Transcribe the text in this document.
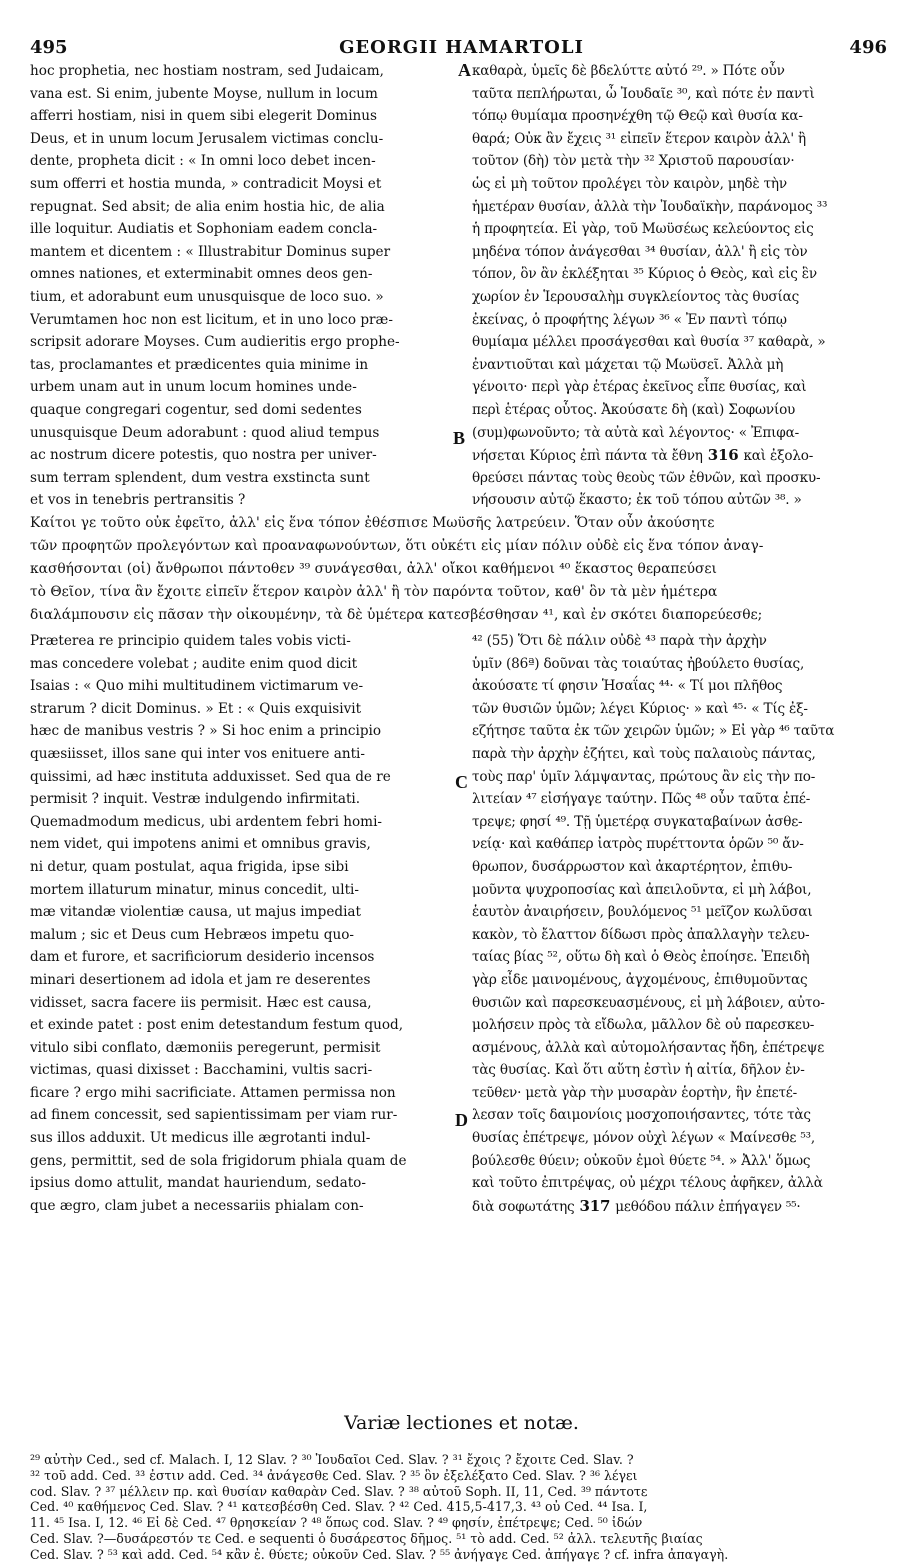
495	GEORGII HAMARTOLI	496
hoc prophetia, nec hostiam nostram, sed Judaicam,
vana est. Si enim, jubente Moyse, nullum in locum
afferri hostiam, nisi in quem sibi elegerit Dominus
Deus, et in unum locum Jerusalem victimas conclu-
dente, propheta dicit : « In omni loco debet incen-
sum offerri et hostia munda, » contradicit Moysi et
repugnat. Sed absit; de alia enim hostia hic, de alia
ille loquitur. Audiatis et Sophoniam eadem concla-
mantem et dicentem : « Illustrabitur Dominus super
omnes nationes, et exterminabit omnes deos gen-
tium, et adorabunt eum unusquisque de loco suo. »
Verumtamen hoc non est licitum, et in uno loco præ-
scripsit adorare Moyses. Cum audieritis ergo prophe-
tas, proclamantes et prædicentes quia minime in
urbem unam aut in unum locum homines unde-
quaque congregari cogentur, sed domi sedentes
unusquisque Deum adorabunt : quod aliud tempus
ac nostrum dicere potestis, quo nostra per univer-
sum terram splendent, dum vestra exstincta sunt
et vos in tenebris pertransitis ?
καθαρὰ, ὑμεῖς δὲ βδελύττε αὐτό ²⁹. » Πότε οὖν
ταῦτα πεπλήρωται, ὦ Ἰουδαῖε ³⁰, καὶ πότε ἐν παντὶ
τόπῳ θυμίαμα προσηνέχθη τῷ Θεῷ καὶ θυσία κα-
θαρά; Οὐκ ἂν ἔχεις ³¹ εἰπεῖν ἕτερον καιρὸν ἀλλ' ἢ
τοῦτον (δὴ) τὸν μετὰ τὴν ³² Χριστοῦ παρουσίαν·
ὡς εἰ μὴ τοῦτον προλέγει τὸν καιρὸν, μηδὲ τὴν
ἡμετέραν θυσίαν, ἀλλὰ τὴν Ἰουδαϊκὴν, παράνομος ³³
ἡ προφητεία. Εἰ γὰρ, τοῦ Μωϋσέως κελεύοντος εἰς
μηδένα τόπον ἀνάγεσθαι ³⁴ θυσίαν, ἀλλ' ἢ εἰς τὸν
τόπον, ὃν ἂν ἐκλέξηται ³⁵ Κύριος ὁ Θεὸς, καὶ εἰς ἓν
χωρίον ἐν Ἱερουσαλὴμ συγκλείοντος τὰς θυσίας
ἐκείνας, ὁ προφήτης λέγων ³⁶ « Ἐν παντὶ τόπῳ
θυμίαμα μέλλει προσάγεσθαι καὶ θυσία ³⁷ καθαρὰ, »
ἐναντιοῦται καὶ μάχεται τῷ Μωϋσεῖ. Ἀλλὰ μὴ
γένοιτο· περὶ γὰρ ἑτέρας ἐκεῖνος εἶπε θυσίας, καὶ
περὶ ἑτέρας οὗτος. Ἀκούσατε δὴ (καὶ) Σοφωνίου
(συμ)φωνοῦντο; τὰ αὐτὰ καὶ λέγοντος· « Ἐπιφα-
νήσεται Κύριος ἐπὶ πάντα τὰ ἔθνη 316 καὶ ἐξολο-
θρεύσει πάντας τοὺς θεοὺς τῶν ἐθνῶν, καὶ προσκυ-
νήσουσιν αὐτῷ ἕκαστο; ἐκ τοῦ τόπου αὐτῶν ³⁸. »
A
B
Καίτοι γε τοῦτο οὐκ ἐφεῖτο, ἀλλ' εἰς ἕνα τόπον ἐθέσπισε Μωϋσῆς λατρεύειν. Ὅταν οὖν ἀκούσητε
τῶν προφητῶν προλεγόντων καὶ προαναφωνούντων, ὅτι οὐκέτι εἰς μίαν πόλιν οὐδὲ εἰς ἕνα τόπον ἀναγ-
κασθήσονται (οἱ) ἄνθρωποι πάντοθεν ³⁹ συνάγεσθαι, ἀλλ' οἴκοι καθήμενοι ⁴⁰ ἕκαστος θεραπεύσει
τὸ Θεῖον, τίνα ἂν ἔχοιτε εἰπεῖν ἕτερον καιρὸν ἀλλ' ἢ τὸν παρόντα τοῦτον, καθ' ὃν τὰ μὲν ἡμέτερα
διαλάμπουσιν εἰς πᾶσαν τὴν οἰκουμένην, τὰ δὲ ὑμέτερα κατεσβέσθησαν ⁴¹, καὶ ἐν σκότει διαπορεύεσθε;
Præterea re principio quidem tales vobis victi-
mas concedere volebat ; audite enim quod dicit
Isaias : « Quo mihi multitudinem victimarum ve-
strarum ? dicit Dominus. » Et : « Quis exquisivit
hæc de manibus vestris ? » Si hoc enim a principio
quæsiisset, illos sane qui inter vos enituere anti-
quissimi, ad hæc instituta adduxisset. Sed qua de re
permisit ? inquit. Vestræ indulgendo infirmitati.
Quemadmodum medicus, ubi ardentem febri homi-
nem videt, qui impotens animi et omnibus gravis,
ni detur, quam postulat, aqua frigida, ipse sibi
mortem illaturum minatur, minus concedit, ulti-
mæ vitandæ violentiæ causa, ut majus impediat
malum ; sic et Deus cum Hebræos impetu quo-
dam et furore, et sacrificiorum desiderio incensos
minari desertionem ad idola et jam re deserentes
vidisset, sacra facere iis permisit. Hæc est causa,
et exinde patet : post enim detestandum festum quod,
vitulo sibi conflato, dæmoniis peregerunt, permisit
victimas, quasi dixisset : Bacchamini, vultis sacri-
ficare ? ergo mihi sacrificiate. Attamen permissa non
ad finem concessit, sed sapientissimam per viam rur-
sus illos adduxit. Ut medicus ille ægrotanti indul-
gens, permittit, sed de sola frigidorum phiala quam de
ipsius domo attulit, mandat hauriendum, sedato-
que ægro, clam jubet a necessariis phialam con-
⁴² (55) Ὅτι δὲ πάλιν οὐδὲ ⁴³ παρὰ τὴν ἀρχὴν
ὑμῖν (86ª) δοῦναι τὰς τοιαύτας ἠβούλετο θυσίας,
ἀκούσατε τί φησιν Ἡσαΐας ⁴⁴· « Τί μοι πλῆθος
τῶν θυσιῶν ὑμῶν; λέγει Κύριος· » καὶ ⁴⁵· « Τίς ἐξ-
εζήτησε ταῦτα ἐκ τῶν χειρῶν ὑμῶν; » Εἰ γὰρ ⁴⁶ ταῦτα
παρὰ τὴν ἀρχὴν ἐζήτει, καὶ τοὺς παλαιοὺς πάντας,
τοὺς παρ' ὑμῖν λάμψαντας, πρώτους ἂν εἰς τὴν πο-
λιτείαν ⁴⁷ εἰσήγαγε ταύτην. Πῶς ⁴⁸ οὖν ταῦτα ἐπέ-
τρεψε; φησί ⁴⁹. Τῇ ὑμετέρᾳ συγκαταβαίνων ἀσθε-
νείᾳ· καὶ καθάπερ ἰατρὸς πυρέττοντα ὁρῶν ⁵⁰ ἄν-
θρωπον, δυσάρρωστον καὶ ἀκαρτέρητον, ἐπιθυ-
μοῦντα ψυχροποσίας καὶ ἀπειλοῦντα, εἰ μὴ λάβοι,
ἑαυτὸν ἀναιρήσειν, βουλόμενος ⁵¹ μεῖζον κωλῦσαι
κακὸν, τὸ ἔλαττον δίδωσι πρὸς ἀπαλλαγὴν τελευ-
ταίας βίας ⁵², οὕτω δὴ καὶ ὁ Θεὸς ἐποίησε. Ἐπειδὴ
γὰρ εἶδε μαινομένους, ἀγχομένους, ἐπιθυμοῦντας
θυσιῶν καὶ παρεσκευασμένους, εἰ μὴ λάβοιεν, αὐτο-
μολήσειν πρὸς τὰ εἴδωλα, μᾶλλον δὲ οὐ παρεσκευ-
ασμένους, ἀλλὰ καὶ αὐτομολήσαντας ἤδη, ἐπέτρεψε
τὰς θυσίας. Καὶ ὅτι αὕτη ἐστὶν ἡ αἰτία, δῆλον ἐν-
τεῦθεν· μετὰ γὰρ τὴν μυσαρὰν ἑορτὴν, ἣν ἐπετέ-
λεσαν τοῖς δαιμονίοις μοσχοποιήσαντες, τότε τὰς
θυσίας ἐπέτρεψε, μόνον οὐχὶ λέγων « Μαίνεσθε ⁵³,
βούλεσθε θύειν; οὐκοῦν ἐμοὶ θύετε ⁵⁴. » Ἀλλ' ὅμως
καὶ τοῦτο ἐπιτρέψας, οὐ μέχρι τέλους ἀφῆκεν, ἀλλὰ
διὰ σοφωτάτης 317 μεθόδου πάλιν ἐπήγαγεν ⁵⁵·
C
D
Variæ lectiones et notæ.
²⁹ αὐτὴν Ced., sed cf. Malach. I, 12 Slav. ? ³⁰ Ἰουδαῖοι Ced. Slav. ? ³¹ ἔχοις ? ἔχοιτε Ced. Slav. ?
³² τοῦ add. Ced. ³³ ἐστιν add. Ced. ³⁴ ἀνάγεσθε Ced. Slav. ? ³⁵ ὃν ἐξελέξατο Ced. Slav. ? ³⁶ λέγει
cod. Slav. ? ³⁷ μέλλειν πρ. καὶ θυσίαν καθαρὰν Ced. Slav. ? ³⁸ αὐτοῦ Soph. II, 11, Ced. ³⁹ πάντοτε
Ced. ⁴⁰ καθήμενος Ced. Slav. ? ⁴¹ κατεσβέσθη Ced. Slav. ? ⁴² Ced. 415,5-417,3. ⁴³ οὐ Ced. ⁴⁴ Isa. I,
11. ⁴⁵ Isa. I, 12. ⁴⁶ Εἰ δὲ Ced. ⁴⁷ θρησκείαν ? ⁴⁸ ὅπως cod. Slav. ? ⁴⁹ φησίν, ἐπέτρεψε; Ced. ⁵⁰ ἰδών
Ced. Slav. ?—δυσάρεστόν τε Ced. e sequenti ὁ δυσάρεστος δῆμος. ⁵¹ τὸ add. Ced. ⁵² ἀλλ. τελευτῆς βιαίας
Ced. Slav. ? ⁵³ καὶ add. Ced. ⁵⁴ κἂν ἐ. θύετε; οὐκοῦν Ced. Slav. ? ⁵⁵ ἀνήγαγε Ced. ἀπήγαγε ? cf. infra ἀπαγαγὴ.
